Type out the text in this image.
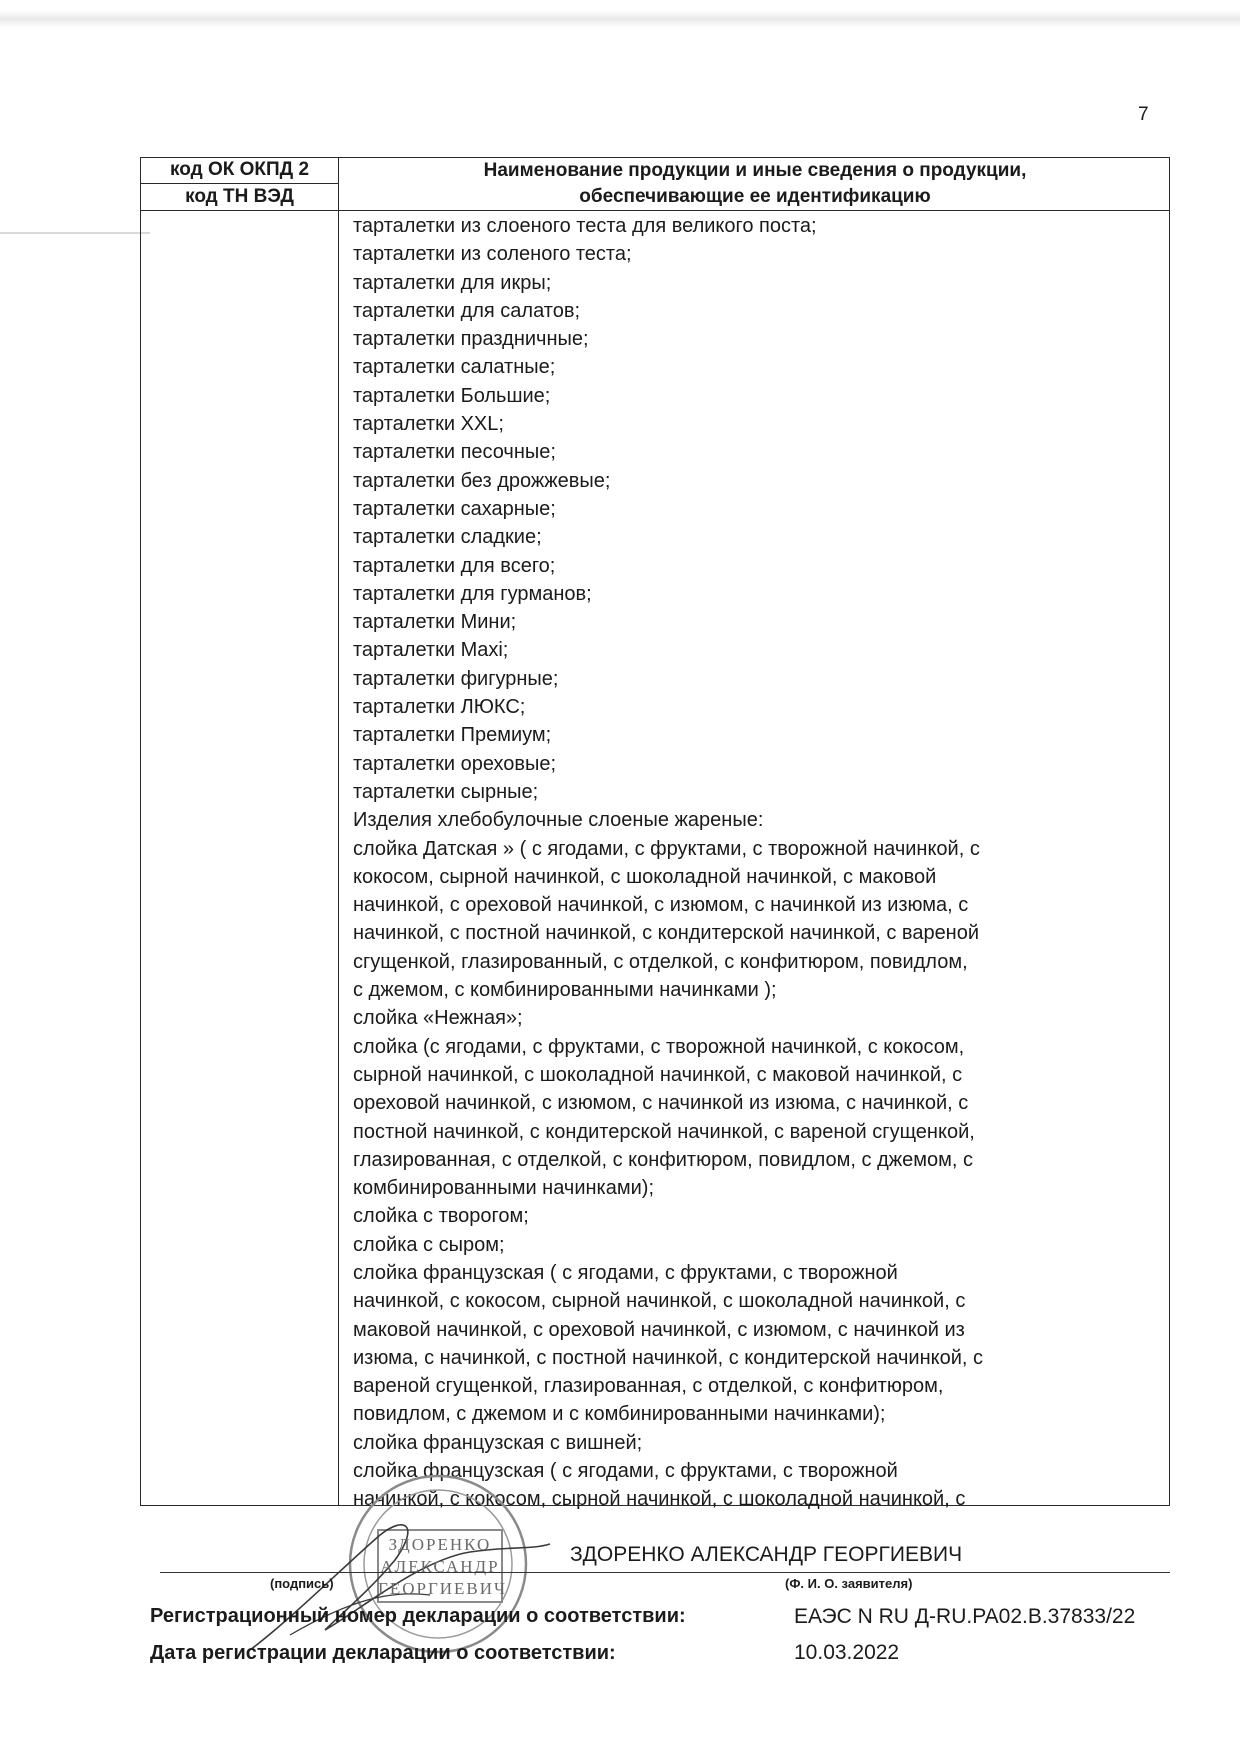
7
код ОК ОКПД 2
код ТН ВЭД
Наименование продукции и иные сведения о продукции,
обеспечивающие ее идентификацию
тарталетки из слоеного теста для великого поста;
тарталетки из соленого теста;
тарталетки для икры;
тарталетки для салатов;
тарталетки праздничные;
тарталетки салатные;
тарталетки Большие;
тарталетки XXL;
тарталетки песочные;
тарталетки без дрожжевые;
тарталетки сахарные;
тарталетки сладкие;
тарталетки для всего;
тарталетки для гурманов;
тарталетки Мини;
тарталетки Maxi;
тарталетки фигурные;
тарталетки ЛЮКС;
тарталетки Премиум;
тарталетки ореховые;
тарталетки сырные;
Изделия хлебобулочные слоеные жареные:
слойка Датская » ( с ягодами, с фруктами, с творожной начинкой, с
кокосом, сырной начинкой, с шоколадной начинкой, с маковой
начинкой, с ореховой начинкой, с изюмом, с начинкой из изюма, с
начинкой, с постной начинкой, с кондитерской начинкой, с вареной
сгущенкой, глазированный, с отделкой, с конфитюром, повидлом,
с джемом, с комбинированными начинками );
слойка «Нежная»;
слойка (с ягодами, с фруктами, с творожной начинкой, с кокосом,
сырной начинкой, с шоколадной начинкой, с маковой начинкой, с
ореховой начинкой, с изюмом, с начинкой из изюма, с начинкой, с
постной начинкой, с кондитерской начинкой, с вареной сгущенкой,
глазированная, с отделкой, с конфитюром, повидлом, с джемом, с
комбинированными начинками);
слойка с творогом;
слойка с сыром;
слойка французская ( с ягодами, с фруктами, с творожной
начинкой, с кокосом, сырной начинкой, с шоколадной начинкой, с
маковой начинкой, с ореховой начинкой, с изюмом, с начинкой из
изюма, с начинкой, с постной начинкой, с кондитерской начинкой, с
вареной сгущенкой, глазированная, с отделкой, с конфитюром,
повидлом, с джемом и с комбинированными начинками);
слойка французская с вишней;
слойка французская ( с ягодами, с фруктами, с творожной
начинкой, с кокосом, сырной начинкой, с шоколадной начинкой, с
ЗДОРЕНКО
АЛЕКСАНДР
ГЕОРГИЕВИЧ
ЗДОРЕНКО АЛЕКСАНДР ГЕОРГИЕВИЧ
(подпись)	(Ф. И. О. заявителя)
Регистрационный номер декларации о соответствии:	ЕАЭС N RU Д-RU.PA02.B.37833/22
Дата регистрации декларации о соответствии:	10.03.2022
